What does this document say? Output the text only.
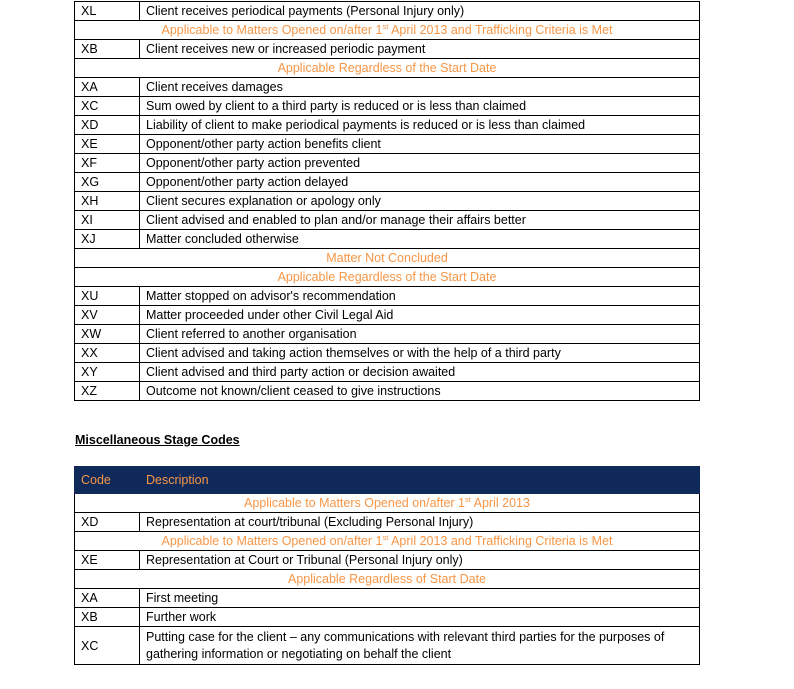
XL	Client receives periodical payments (Personal Injury only)
Applicable to Matters Opened on/after 1st April 2013 and Trafficking Criteria is Met	
XB	Client receives new or increased periodic payment
Applicable Regardless of the Start Date	
XA	Client receives damages
XC	Sum owed by client to a third party is reduced or is less than claimed
XD	Liability of client to make periodical payments is reduced or is less than claimed
XE	Opponent/other party action benefits client
XF	Opponent/other party action prevented
XG	Opponent/other party action delayed
XH	Client secures explanation or apology only
XI	Client advised and enabled to plan and/or manage their affairs better
XJ	Matter concluded otherwise
Matter Not Concluded	
Applicable Regardless of the Start Date	
XU	Matter stopped on advisor's recommendation
XV	Matter proceeded under other Civil Legal Aid
XW	Client referred to another organisation
XX	Client advised and taking action themselves or with the help of a third party
XY	Client advised and third party action or decision awaited
XZ	Outcome not known/client ceased to give instructions
Miscellaneous Stage Codes
Code	Description
Applicable to Matters Opened on/after 1st April 2013	
XD	Representation at court/tribunal (Excluding Personal Injury)
Applicable to Matters Opened on/after 1st April 2013 and Trafficking Criteria is Met	
XE	Representation at Court or Tribunal (Personal Injury only)
Applicable Regardless of Start Date	
XA	First meeting
XB	Further work
XC	Putting case for the client – any communications with relevant third parties for the purposes of gathering information or negotiating on behalf the client
